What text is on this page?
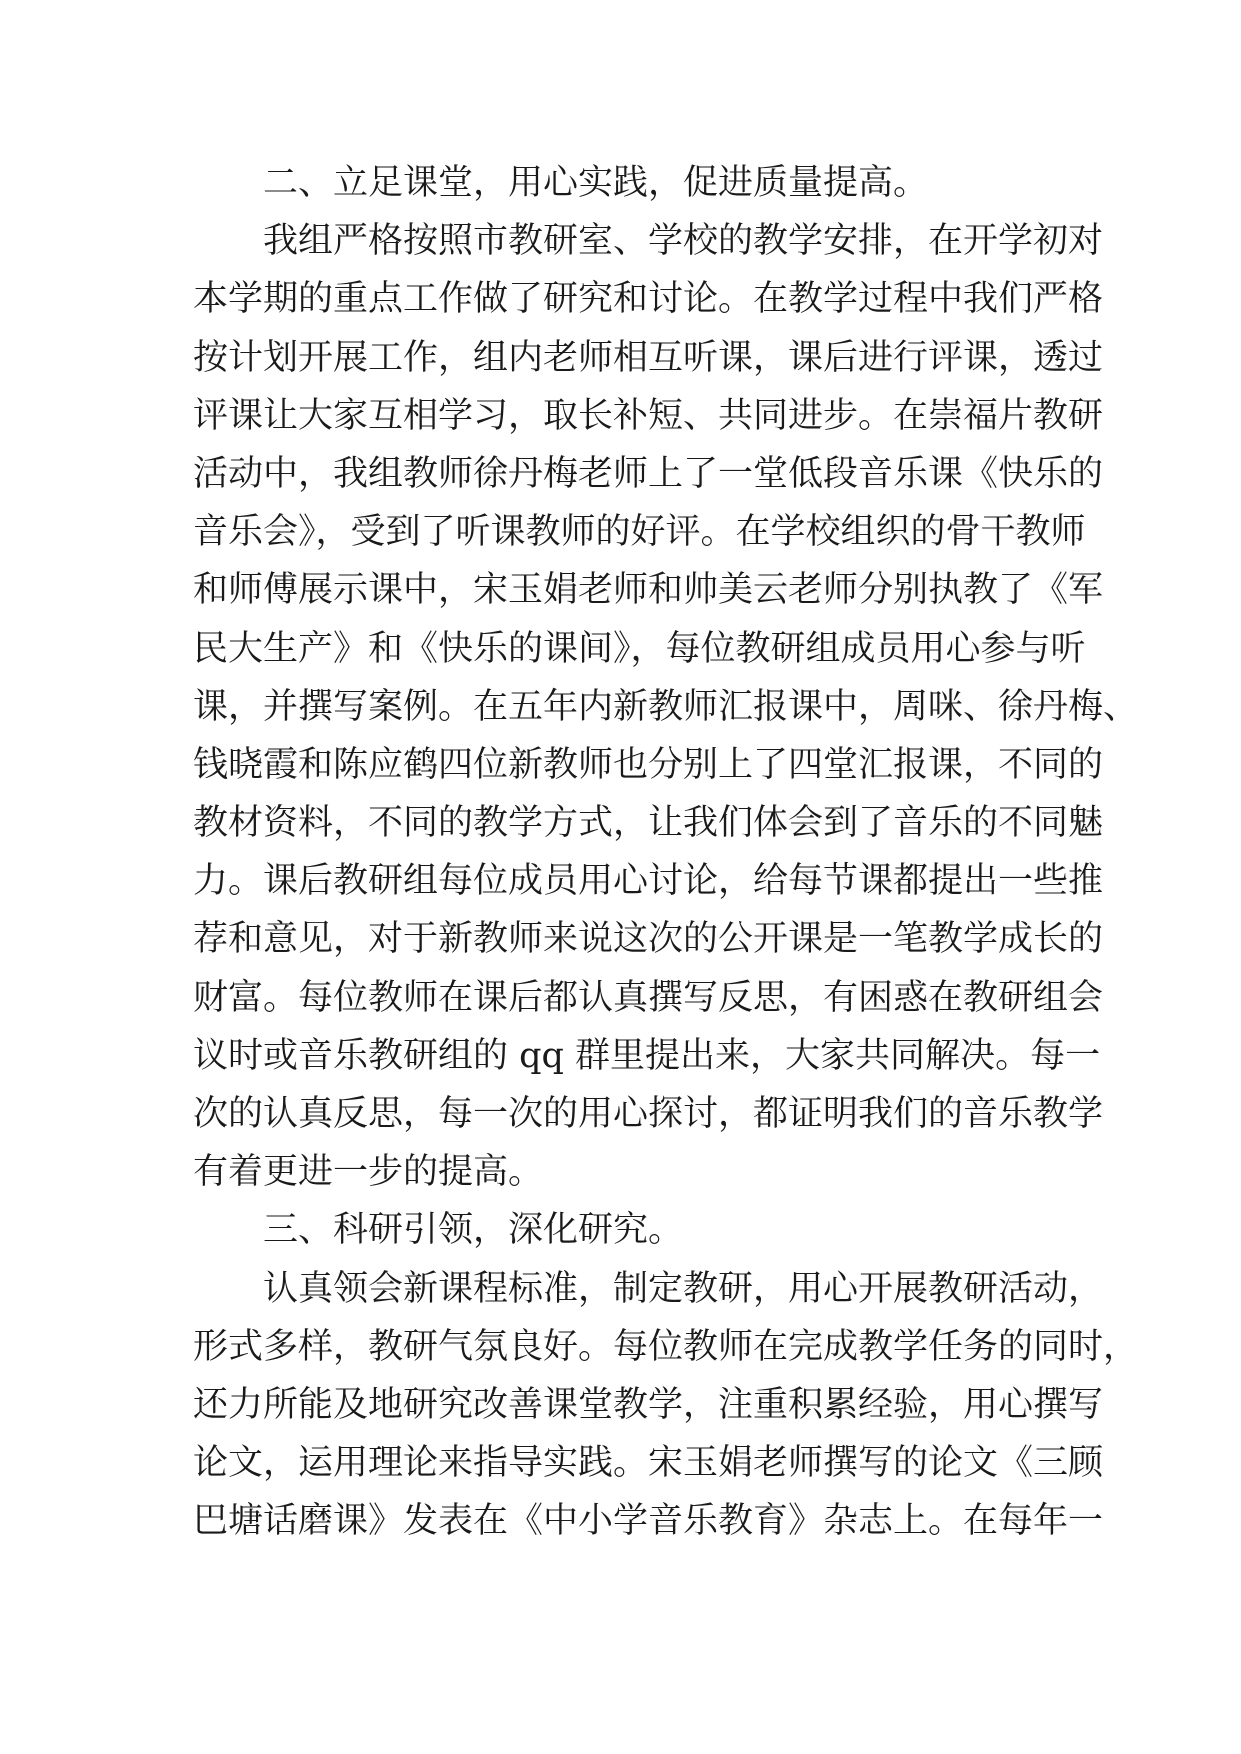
二、立足课堂，用心实践，促进质量提高。
我组严格按照市教研室、学校的教学安排，在开学初对
本学期的重点工作做了研究和讨论。在教学过程中我们严格
按计划开展工作，组内老师相互听课，课后进行评课，透过
评课让大家互相学习，取长补短、共同进步。在崇福片教研
活动中，我组教师徐丹梅老师上了一堂低段音乐课《快乐的
音乐会》，受到了听课教师的好评。在学校组织的骨干教师
和师傅展示课中，宋玉娟老师和帅美云老师分别执教了《军
民大生产》和《快乐的课间》，每位教研组成员用心参与听
课，并撰写案例。在五年内新教师汇报课中，周咪、徐丹梅、
钱晓霞和陈应鹤四位新教师也分别上了四堂汇报课，不同的
教材资料，不同的教学方式，让我们体会到了音乐的不同魅
力。课后教研组每位成员用心讨论，给每节课都提出一些推
荐和意见，对于新教师来说这次的公开课是一笔教学成长的
财富。每位教师在课后都认真撰写反思，有困惑在教研组会
议时或音乐教研组的 qq 群里提出来，大家共同解决。每一
次的认真反思，每一次的用心探讨，都证明我们的音乐教学
有着更进一步的提高。
三、科研引领，深化研究。
认真领会新课程标准，制定教研，用心开展教研活动，
形式多样，教研气氛良好。每位教师在完成教学任务的同时，
还力所能及地研究改善课堂教学，注重积累经验，用心撰写
论文，运用理论来指导实践。宋玉娟老师撰写的论文《三顾
巴塘话磨课》发表在《中小学音乐教育》杂志上。在每年一
